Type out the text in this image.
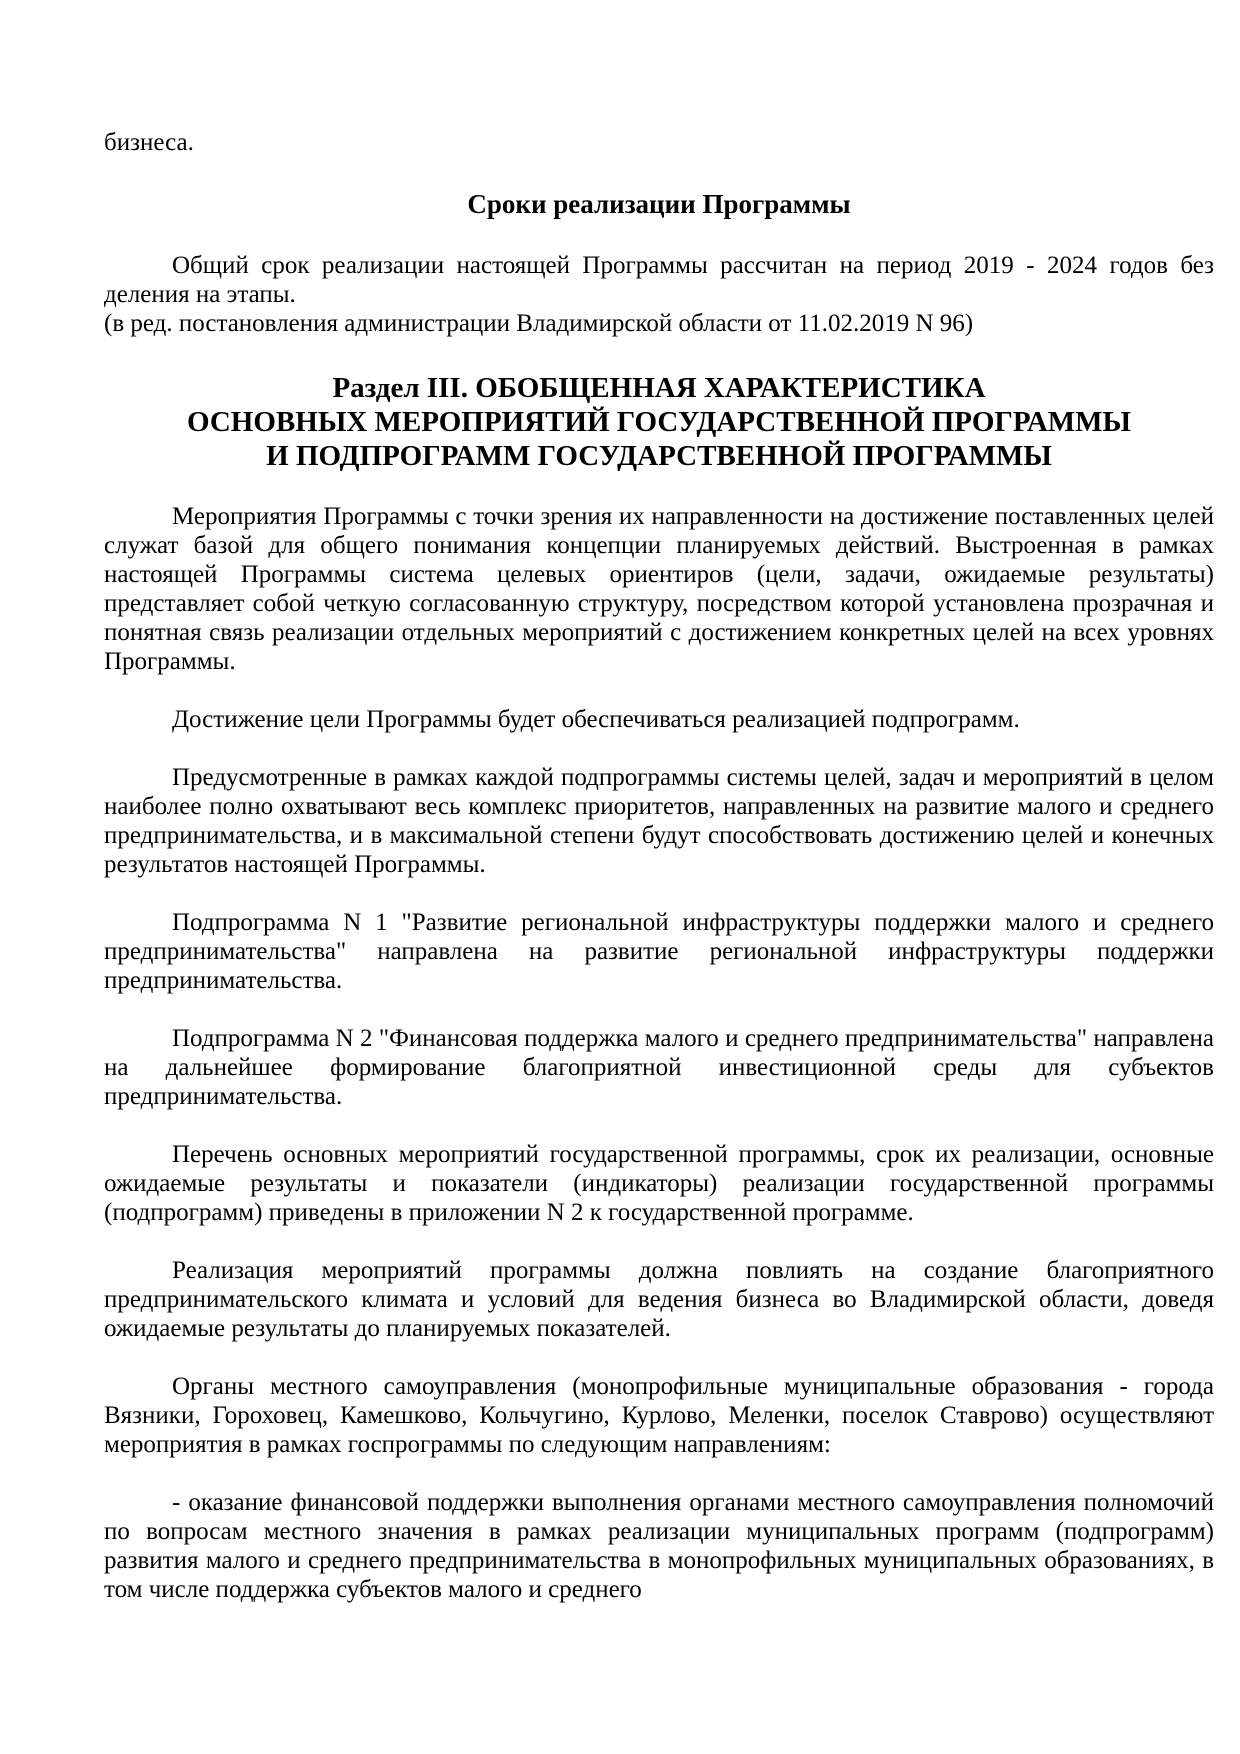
бизнеса.

Сроки реализации Программы

Общий срок реализации настоящей Программы рассчитан на период 2019 - 2024 годов без деления на этапы.

(в ред. постановления администрации Владимирской области от 11.02.2019 N 96)

Раздел III. ОБОБЩЕННАЯ ХАРАКТЕРИСТИКА
ОСНОВНЫХ МЕРОПРИЯТИЙ ГОСУДАРСТВЕННОЙ ПРОГРАММЫ
И ПОДПРОГРАММ ГОСУДАРСТВЕННОЙ ПРОГРАММЫ

Мероприятия Программы с точки зрения их направленности на достижение поставленных целей служат базой для общего понимания концепции планируемых действий. Выстроенная в рамках настоящей Программы система целевых ориентиров (цели, задачи, ожидаемые результаты) представляет собой четкую согласованную структуру, посредством которой установлена прозрачная и понятная связь реализации отдельных мероприятий с достижением конкретных целей на всех уровнях Программы.

Достижение цели Программы будет обеспечиваться реализацией подпрограмм.

Предусмотренные в рамках каждой подпрограммы системы целей, задач и мероприятий в целом наиболее полно охватывают весь комплекс приоритетов, направленных на развитие малого и среднего предпринимательства, и в максимальной степени будут способствовать достижению целей и конечных результатов настоящей Программы.

Подпрограмма N 1 "Развитие региональной инфраструктуры поддержки малого и среднего предпринимательства" направлена на развитие региональной инфраструктуры поддержки предпринимательства.

Подпрограмма N 2 "Финансовая поддержка малого и среднего предпринимательства" направлена на дальнейшее формирование благоприятной инвестиционной среды для субъектов предпринимательства.

Перечень основных мероприятий государственной программы, срок их реализации, основные ожидаемые результаты и показатели (индикаторы) реализации государственной программы (подпрограмм) приведены в приложении N 2 к государственной программе.

Реализация мероприятий программы должна повлиять на создание благоприятного предпринимательского климата и условий для ведения бизнеса во Владимирской области, доведя ожидаемые результаты до планируемых показателей.

Органы местного самоуправления (монопрофильные муниципальные образования - города Вязники, Гороховец, Камешково, Кольчугино, Курлово, Меленки, поселок Ставрово) осуществляют мероприятия в рамках госпрограммы по следующим направлениям:

- оказание финансовой поддержки выполнения органами местного самоуправления полномочий по вопросам местного значения в рамках реализации муниципальных программ (подпрограмм) развития малого и среднего предпринимательства в монопрофильных муниципальных образованиях, в том числе поддержка субъектов малого и среднего
